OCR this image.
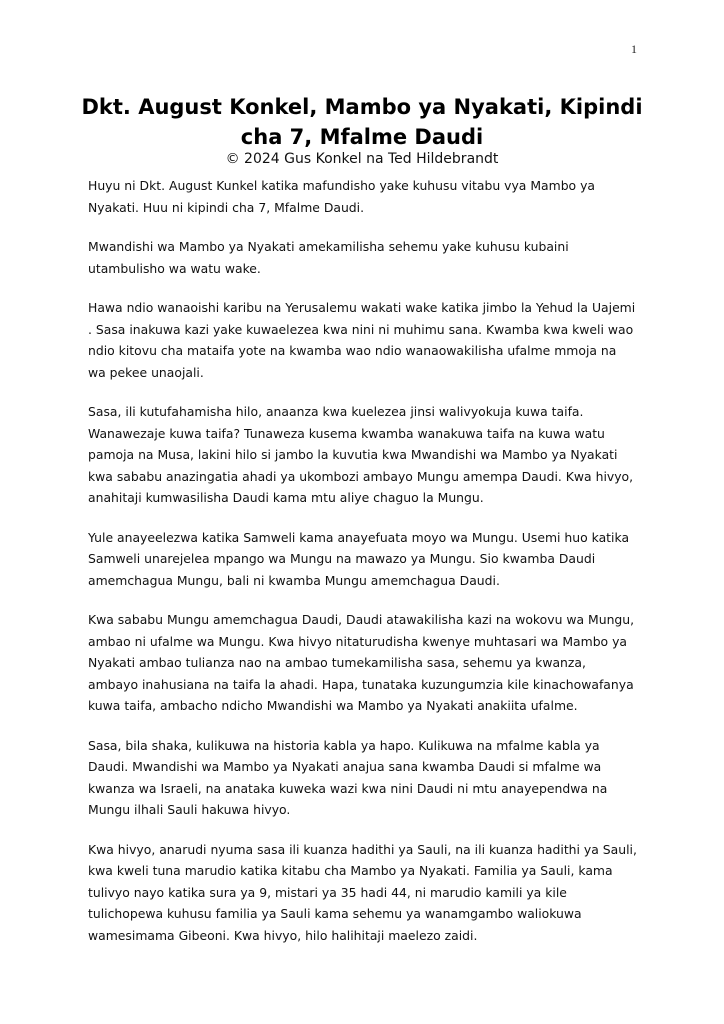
1
Dkt. August Konkel, Mambo ya Nyakati, Kipindi cha 7, Mfalme Daudi
© 2024 Gus Konkel na Ted Hildebrandt

Huyu ni Dkt. August Kunkel katika mafundisho yake kuhusu vitabu vya Mambo ya Nyakati. Huu ni kipindi cha 7, Mfalme Daudi.

Mwandishi wa Mambo ya Nyakati amekamilisha sehemu yake kuhusu kubaini utambulisho wa watu wake.

Hawa ndio wanaoishi karibu na Yerusalemu wakati wake katika jimbo la Yehud la Uajemi . Sasa inakuwa kazi yake kuwaelezea kwa nini ni muhimu sana. Kwamba kwa kweli wao ndio kitovu cha mataifa yote na kwamba wao ndio wanaowakilisha ufalme mmoja na wa pekee unaojali.

Sasa, ili kutufahamisha hilo, anaanza kwa kuelezea jinsi walivyokuja kuwa taifa. Wanawezaje kuwa taifa? Tunaweza kusema kwamba wanakuwa taifa na kuwa watu pamoja na Musa, lakini hilo si jambo la kuvutia kwa Mwandishi wa Mambo ya Nyakati kwa sababu anazingatia ahadi ya ukombozi ambayo Mungu amempa Daudi. Kwa hivyo, anahitaji kumwasilisha Daudi kama mtu aliye chaguo la Mungu.

Yule anayeelezwa katika Samweli kama anayefuata moyo wa Mungu. Usemi huo katika Samweli unarejelea mpango wa Mungu na mawazo ya Mungu. Sio kwamba Daudi amemchagua Mungu, bali ni kwamba Mungu amemchagua Daudi.

Kwa sababu Mungu amemchagua Daudi, Daudi atawakilisha kazi na wokovu wa Mungu, ambao ni ufalme wa Mungu. Kwa hivyo nitaturudisha kwenye muhtasari wa Mambo ya Nyakati ambao tulianza nao na ambao tumekamilisha sasa, sehemu ya kwanza, ambayo inahusiana na taifa la ahadi. Hapa, tunataka kuzungumzia kile kinachowafanya kuwa taifa, ambacho ndicho Mwandishi wa Mambo ya Nyakati anakiita ufalme.

Sasa, bila shaka, kulikuwa na historia kabla ya hapo. Kulikuwa na mfalme kabla ya Daudi. Mwandishi wa Mambo ya Nyakati anajua sana kwamba Daudi si mfalme wa kwanza wa Israeli, na anataka kuweka wazi kwa nini Daudi ni mtu anayependwa na Mungu ilhali Sauli hakuwa hivyo.

Kwa hivyo, anarudi nyuma sasa ili kuanza hadithi ya Sauli, na ili kuanza hadithi ya Sauli, kwa kweli tuna marudio katika kitabu cha Mambo ya Nyakati. Familia ya Sauli, kama tulivyo nayo katika sura ya 9, mistari ya 35 hadi 44, ni marudio kamili ya kile tulichopewa kuhusu familia ya Sauli kama sehemu ya wanamgambo waliokuwa wamesimama Gibeoni. Kwa hivyo, hilo halihitaji maelezo zaidi.
